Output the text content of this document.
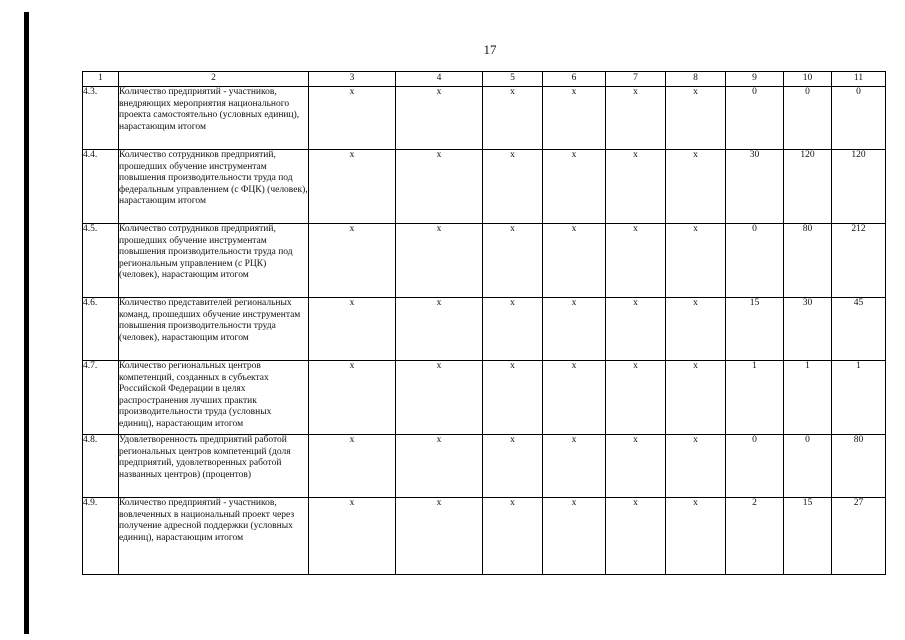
17
1	2	3	4	5	6	7	8	9	10	11
4.3.	Количество предприятий - участников, внедряющих мероприятия национального проекта самостоятельно (условных единиц), нарастающим итогом	х	х	х	х	х	х	0	0	0
4.4.	Количество сотрудников предприятий, прошедших обучение инструментам повышения производительности труда под федеральным управлением (с ФЦК) (человек), нарастающим итогом	х	х	х	х	х	х	30	120	120
4.5.	Количество сотрудников предприятий, прошедших обучение инструментам повышения производительности труда под региональным управлением (с РЦК) (человек), нарастающим итогом	х	х	х	х	х	х	0	80	212
4.6.	Количество представителей региональных команд, прошедших обучение инструментам повышения производительности труда (человек), нарастающим итогом	х	х	х	х	х	х	15	30	45
4.7.	Количество региональных центров компетенций, созданных в субъектах Российской Федерации в целях распространения лучших практик производительности труда (условных единиц), нарастающим итогом	х	х	х	х	х	х	1	1	1
4.8.	Удовлетворенность предприятий работой региональных центров компетенций (доля предприятий, удовлетворенных работой названных центров) (процентов)	х	х	х	х	х	х	0	0	80
4.9.	Количество предприятий - участников, вовлеченных в национальный проект через получение адресной поддержки (условных единиц), нарастающим итогом	х	х	х	х	х	х	2	15	27
